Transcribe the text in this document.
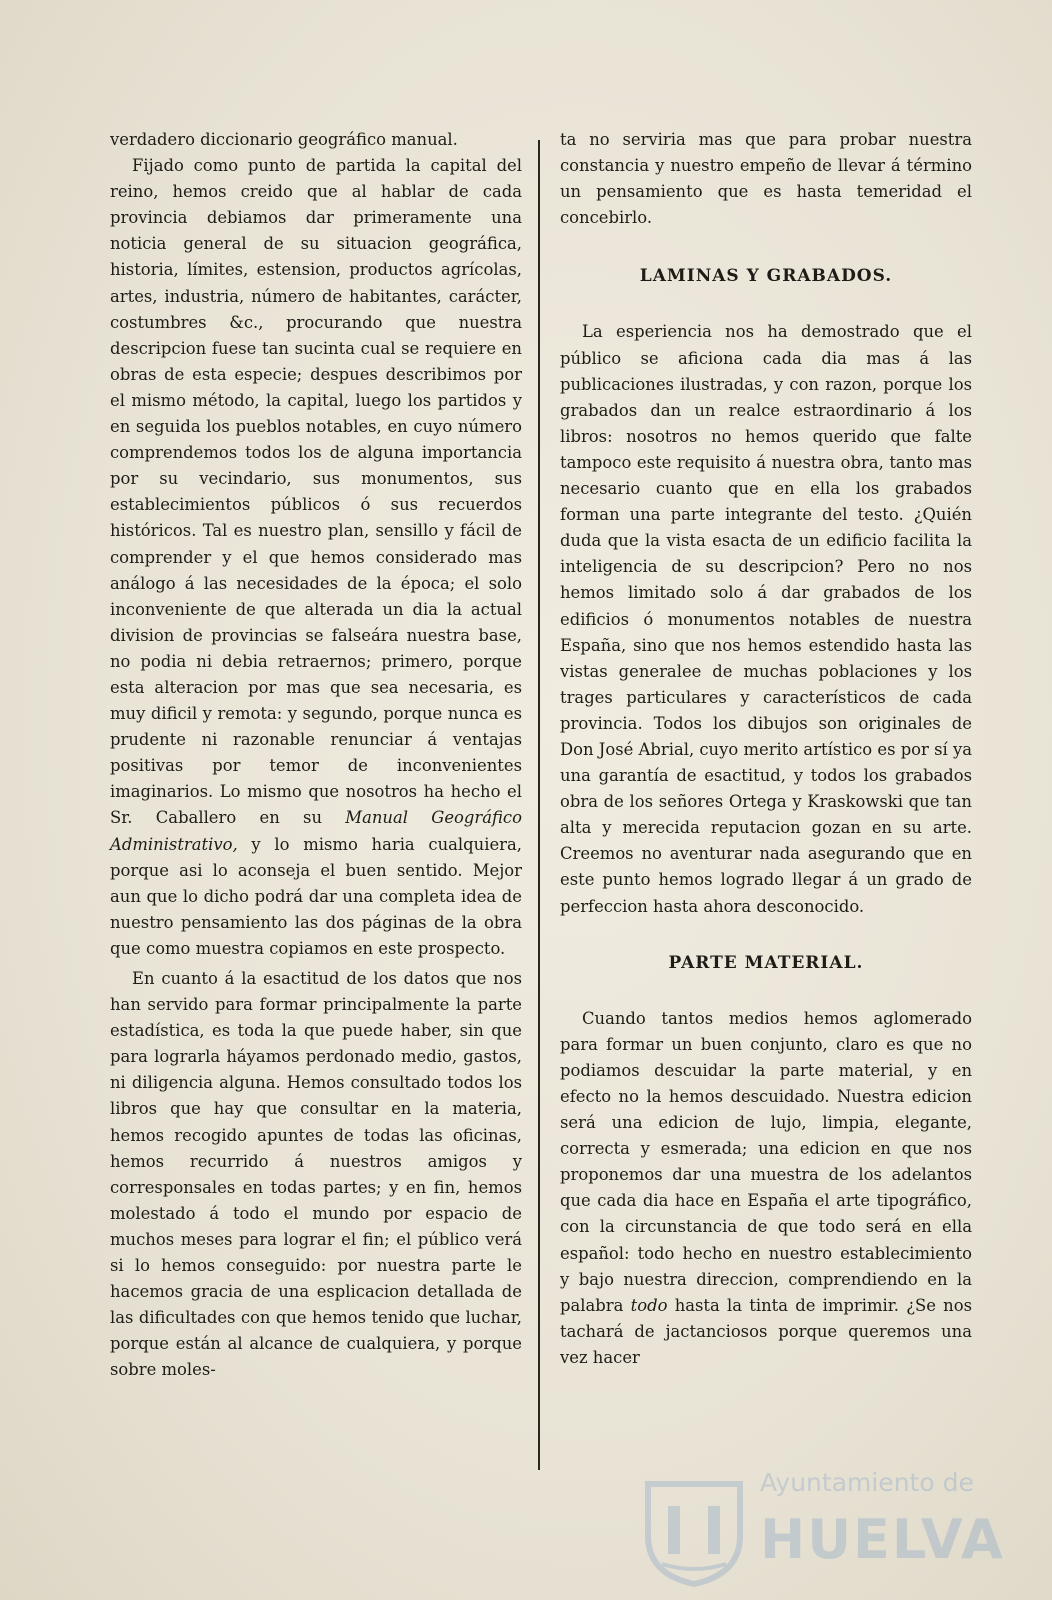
verdadero diccionario geográfico manual.

Fijado como punto de partida la capital del reino, hemos creido que al hablar de cada provincia debiamos dar primeramente una noticia general de su situacion geográfica, historia, límites, estension, productos agrícolas, artes, industria, número de habitantes, carácter, costumbres &c., procurando que nuestra descripcion fuese tan sucinta cual se requiere en obras de esta especie; despues describimos por el mismo método, la capital, luego los partidos y en seguida los pueblos notables, en cuyo número comprendemos todos los de alguna importancia por su vecindario, sus monumentos, sus establecimientos públicos ó sus recuerdos históricos. Tal es nuestro plan, sensillo y fácil de comprender y el que hemos considerado mas análogo á las necesidades de la época; el solo inconveniente de que alterada un dia la actual division de provincias se falseára nuestra base, no podia ni debia retraernos; primero, porque esta alteracion por mas que sea necesaria, es muy dificil y remota: y segundo, porque nunca es prudente ni razonable renunciar á ventajas positivas por temor de inconvenientes imaginarios. Lo mismo que nosotros ha hecho el Sr. Caballero en su Manual Geográfico Administrativo, y lo mismo haria cualquiera, porque asi lo aconseja el buen sentido. Mejor aun que lo dicho podrá dar una completa idea de nuestro pensamiento las dos páginas de la obra que como muestra copiamos en este prospecto.

En cuanto á la esactitud de los datos que nos han servido para formar principalmente la parte estadística, es toda la que puede haber, sin que para lograrla háyamos perdonado medio, gastos, ni diligencia alguna. Hemos consultado todos los libros que hay que consultar en la materia, hemos recogido apuntes de todas las oficinas, hemos recurrido á nuestros amigos y corresponsales en todas partes; y en fin, hemos molestado á todo el mundo por espacio de muchos meses para lograr el fin; el público verá si lo hemos conseguido: por nuestra parte le hacemos gracia de una esplicacion detallada de las dificultades con que hemos tenido que luchar, porque están al alcance de cualquiera, y porque sobre moles-

ta no serviria mas que para probar nuestra constancia y nuestro empeño de llevar á término un pensamiento que es hasta temeridad el concebirlo.

LAMINAS Y GRABADOS.

La esperiencia nos ha demostrado que el público se aficiona cada dia mas á las publicaciones ilustradas, y con razon, porque los grabados dan un realce estraordinario á los libros: nosotros no hemos querido que falte tampoco este requisito á nuestra obra, tanto mas necesario cuanto que en ella los grabados forman una parte integrante del testo. ¿Quién duda que la vista esacta de un edificio facilita la inteligencia de su descripcion? Pero no nos hemos limitado solo á dar grabados de los edificios ó monumentos notables de nuestra España, sino que nos hemos estendido hasta las vistas generalee de muchas poblaciones y los trages particulares y característicos de cada provincia. Todos los dibujos son originales de Don José Abrial, cuyo merito artístico es por sí ya una garantía de esactitud, y todos los grabados obra de los señores Ortega y Kraskowski que tan alta y merecida reputacion gozan en su arte. Creemos no aventurar nada asegurando que en este punto hemos logrado llegar á un grado de perfeccion hasta ahora desconocido.

PARTE MATERIAL.

Cuando tantos medios hemos aglomerado para formar un buen conjunto, claro es que no podiamos descuidar la parte material, y en efecto no la hemos descuidado. Nuestra edicion será una edicion de lujo, limpia, elegante, correcta y esmerada; una edicion en que nos proponemos dar una muestra de los adelantos que cada dia hace en España el arte tipográfico, con la circunstancia de que todo será en ella español: todo hecho en nuestro establecimiento y bajo nuestra direccion, comprendiendo en la palabra todo hasta la tinta de imprimir. ¿Se nos tachará de jactanciosos porque queremos una vez hacer

Ayuntamiento de
HUELVA
